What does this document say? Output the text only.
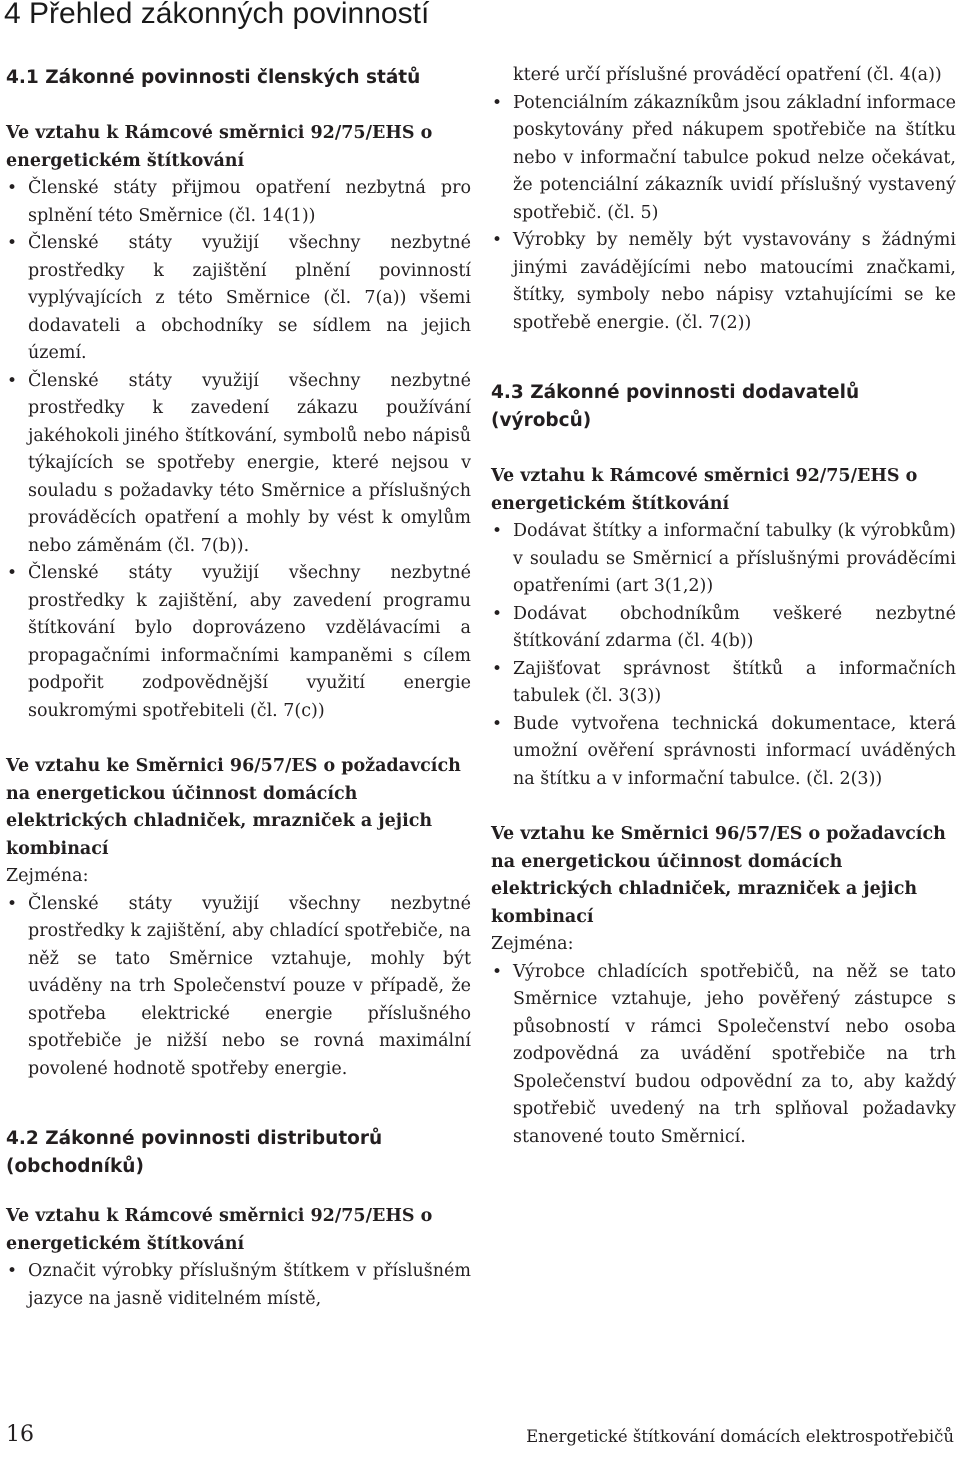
4 Přehled zákonných povinností
4.1 Zákonné povinnosti členských států

Ve vztahu k Rámcové směrnici 92/75/EHS o energetickém štítkování

• Členské státy přijmou opatření nezbytná pro splnění této Směrnice (čl. 14(1))
• Členské státy využijí všechny nezbytné prostředky k zajištění plnění povinností vyplývajících z této Směrnice (čl. 7(a)) všemi dodavateli a obchodníky se sídlem na jejich území.
• Členské státy využijí všechny nezbytné prostředky k zavedení zákazu používání jakéhokoli jiného štítkování, symbolů nebo nápisů týkajících se spotřeby energie, které nejsou v souladu s požadavky této Směrnice a příslušných prováděcích opatření a mohly by vést k omylům nebo záměnám (čl. 7(b)).
• Členské státy využijí všechny nezbytné prostředky k zajištění, aby zavedení programu štítkování bylo doprovázeno vzdělávacími a propagačními informačními kampaněmi s cílem podpořit zodpovědnější využití energie soukromými spotřebiteli (čl. 7(c))

Ve vztahu ke Směrnici 96/57/ES o požadavcích na energetickou účinnost domácích elektrických chladniček, mrazniček a jejich kombinací

Zejména:

• Členské státy využijí všechny nezbytné prostředky k zajištění, aby chladící spotřebiče, na něž se tato Směrnice vztahuje, mohly být uváděny na trh Společenství pouze v případě, že spotřeba elektrické energie příslušného spotřebiče je nižší nebo se rovná maximální povolené hodnotě spotřeby energie.
4.2 Zákonné povinnosti distributorů (obchodníků)

Ve vztahu k Rámcové směrnici 92/75/EHS o energetickém štítkování

• Označit výrobky příslušným štítkem v příslušném jazyce na jasně viditelném místě,

které určí příslušné prováděcí opatření (čl. 4(a))

• Potenciálním zákazníkům jsou základní informace poskytovány před nákupem spotřebiče na štítku nebo v informační tabulce pokud nelze očekávat, že potenciální zákazník uvidí příslušný vystavený spotřebič. (čl. 5)
• Výrobky by neměly být vystavovány s žádnými jinými zaváděјícími nebo matoucími značkami, štítky, symboly nebo nápisy vztahujícími se ke spotřebě energie. (čl. 7(2))
4.3 Zákonné povinnosti dodavatelů (výrobců)

Ve vztahu k Rámcové směrnici 92/75/EHS o energetickém štítkování

• Dodávat štítky a informační tabulky (k výrobkům) v souladu se Směrnicí a příslušnými prováděcími opatřeními (art 3(1,2))
• Dodávat obchodníkům veškeré nezbytné štítkování zdarma (čl. 4(b))
• Zajišťovat správnost štítků a informačních tabulek (čl. 3(3))
• Bude vytvořena technická dokumentace, která umožní ověření správnosti informací uváděných na štítku a v informační tabulce. (čl. 2(3))

Ve vztahu ke Směrnici 96/57/ES o požadavcích na energetickou účinnost domácích elektrických chladniček, mrazniček a jejich kombinací

Zejména:

• Výrobce chladících spotřebičů, na něž se tato Směrnice vztahuje, jeho pověřený zástupce s působností v rámci Společenství nebo osoba zodpovědná za uvádění spotřebiče na trh Společenství budou odpovědní za to, aby každý spotřebič uvedený na trh splňoval požadavky stanovené touto Směrnicí.
16	Energetické štítkování domácích elektrospotřebičů
